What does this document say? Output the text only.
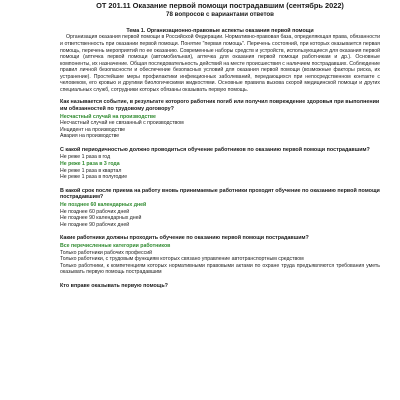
ОТ 201.11 Оказание первой помощи пострадавшим (сентябрь 2022)
78 вопросов с вариантами ответов
Тема 1. Организационно-правовые аспекты оказания первой помощи

Организация оказания первой помощи в Российской Федерации. Нормативно-правовая база, определяющая права, обязанности и ответственность при оказании первой помощи. Понятие "первая помощь". Перечень состояний, при которых оказывается первая помощь, перечень мероприятий по ее оказанию. Современные наборы средств и устройств, использующиеся для оказания первой помощи (аптечка первой помощи (автомобильная), аптечка для оказания первой помощи работникам и др.). Основные компоненты, их назначение. Общая последовательность действий на месте происшествия с наличием пострадавших. Соблюдение правил личной безопасности и обеспечение безопасных условий для оказания первой помощи (возможные факторы риска, их устранение). Простейшие меры профилактики инфекционных заболеваний, передающихся при непосредственном контакте с человеком, его кровью и другими биологическими жидкостями. Основные правила вызова скорой медицинской помощи и других специальных служб, сотрудники которых обязаны оказывать первую помощь.

Как называется событие, в результате которого работник погиб или получил повреждение здоровья при выполнении им обязанностей по трудовому договору?
Несчастный случай на производстве
Несчастный случай не связанный с производством
Инцидент на производстве
Авария на производстве
С какой периодичностью должно проводиться обучение работников по оказанию первой помощи пострадавшим?
Не реже 1 раза в год
Не реже 1 раза в 3 года
Не реже 1 раза в квартал
Не реже 1 раза в полугодие
В какой срок после приема на работу вновь принимаемые работники проходят обучение по оказанию первой помощи пострадавшим?
Не позднее 60 календарных дней
Не позднее 60 рабочих дней
Не позднее 90 календарных дней
Не позднее 90 рабочих дней
Какие работники должны проходить обучение по оказанию первой помощи пострадавшим?
Все перечисленные категории работников
Только работники рабочих профессий
Только работники, с трудовым функциям которых связано управление автотранспортным средством
Только работники, к компетенциям которых нормативными правовыми актами по охране труда предъявляются требования уметь оказывать первую помощь пострадавшим
Кто вправе оказывать первую помощь?
